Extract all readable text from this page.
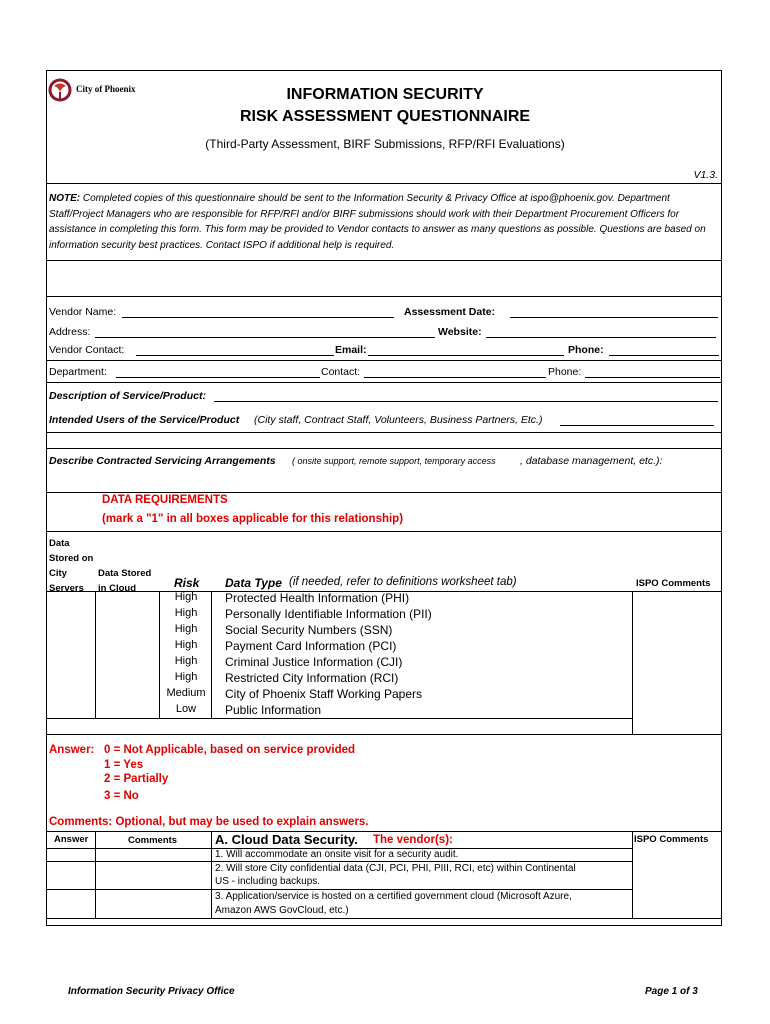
City of Phoenix	INFORMATION SECURITY
RISK ASSESSMENT QUESTIONNAIRE
(Third-Party Assessment, BIRF Submissions, RFP/RFI Evaluations)
V1.3.
NOTE: Completed copies of this questionnaire should be sent to the Information Security & Privacy Office at ispo@phoenix.gov. Department Staff/Project Managers who are responsible for RFP/RFI and/or BIRF submissions should work with their Department Procurement Officers for assistance in completing this form. This form may be provided to Vendor contacts to answer as many questions as possible. Questions are based on information security best practices. Contact ISPO if additional help is required.
Vendor Name:	Assessment Date:
Address:	Website:
Vendor Contact:	Email:	Phone:
Department:	Contact:	Phone:
Description of Service/Product:
Intended Users of the Service/Product (City staff, Contract Staff, Volunteers, Business Partners, Etc.)
Describe Contracted Servicing Arrangements ( onsite support, remote support, temporary access , database management, etc.):
DATA REQUIREMENTS
(mark a "1" in all boxes applicable for this relationship)
Data
Stored on
City
Servers
Data Stored
in Cloud	Risk Data Type (if needed, refer to definitions worksheet tab)	ISPO Comments
High	Protected Health Information (PHI)
High	Personally Identifiable Information (PII)
High	Social Security Numbers (SSN)
High	Payment Card Information (PCI)
High	Criminal Justice Information (CJI)
High	Restricted City Information (RCI)
Medium	City of Phoenix Staff Working Papers
Low	Public Information
Answer: 0 = Not Applicable, based on service provided
1 = Yes
2 = Partially
3 = No
Comments: Optional, but may be used to explain answers.
Answer	Comments	A. Cloud Data Security. The vendor(s):	ISPO Comments
1. Will accommodate an onsite visit for a security audit.
2. Will store City confidential data (CJI, PCI, PHI, PIII, RCI, etc) within Continental
US - including backups.
3. Application/service is hosted on a certified government cloud (Microsoft Azure,
Amazon AWS GovCloud, etc.)
Information Security Privacy Office	Page 1 of 3
